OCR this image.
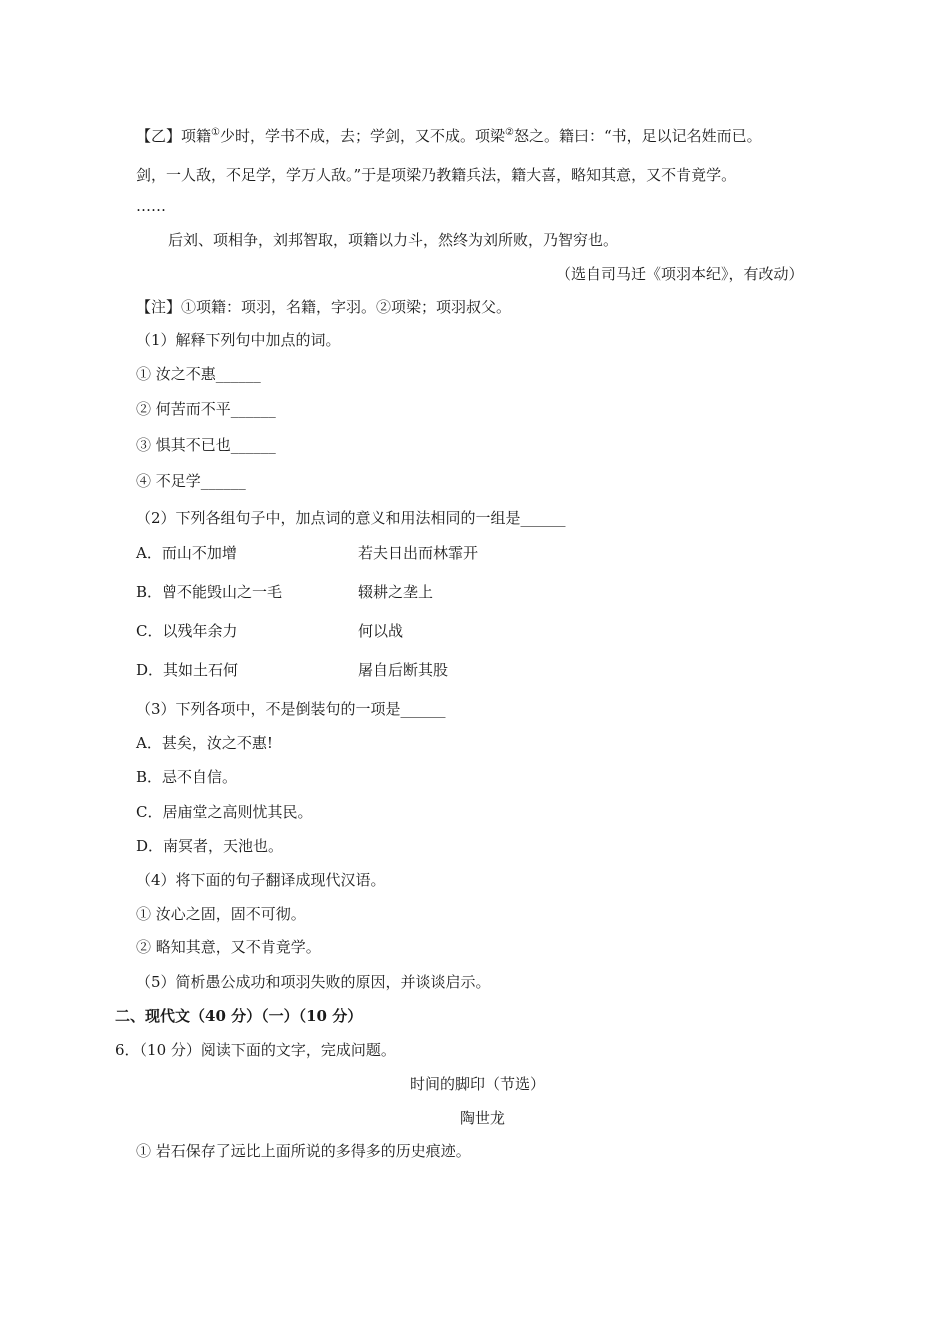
【乙】项籍①少时，学书不成，去；学剑，又不成。项梁②怒之。籍曰：“书，足以记名姓而已。
剑，一人敌，不足学，学万人敌。”于是项梁乃教籍兵法，籍大喜，略知其意，又不肯竟学。
……
后刘、项相争，刘邦智取，项籍以力斗，然终为刘所败，乃智穷也。
（选自司马迁《项羽本纪》，有改动）
【注】①项籍：项羽，名籍，字羽。②项梁；项羽叔父。
（1）解释下列句中加点的词。
① 汝之不惠______
② 何苦而不平______
③ 惧其不已也______
④ 不足学______
（2）下列各组句子中，加点词的意义和用法相同的一组是______
A．而山不加增	若夫日出而林霏开
B．曾不能毁山之一毛	辍耕之垄上
C．以残年余力	何以战
D．其如土石何	屠自后断其股
（3）下列各项中，不是倒装句的一项是______
A．甚矣，汝之不惠!
B．忌不自信。
C．居庙堂之高则忧其民。
D．南冥者，天池也。
（4）将下面的句子翻译成现代汉语。
① 汝心之固，固不可彻。
② 略知其意，又不肯竟学。
（5）简析愚公成功和项羽失败的原因，并谈谈启示。
二、现代文（40 分）（一）（10 分）
6．（10 分）阅读下面的文字，完成问题。
时间的脚印（节选）
陶世龙
① 岩石保存了远比上面所说的多得多的历史痕迹。
